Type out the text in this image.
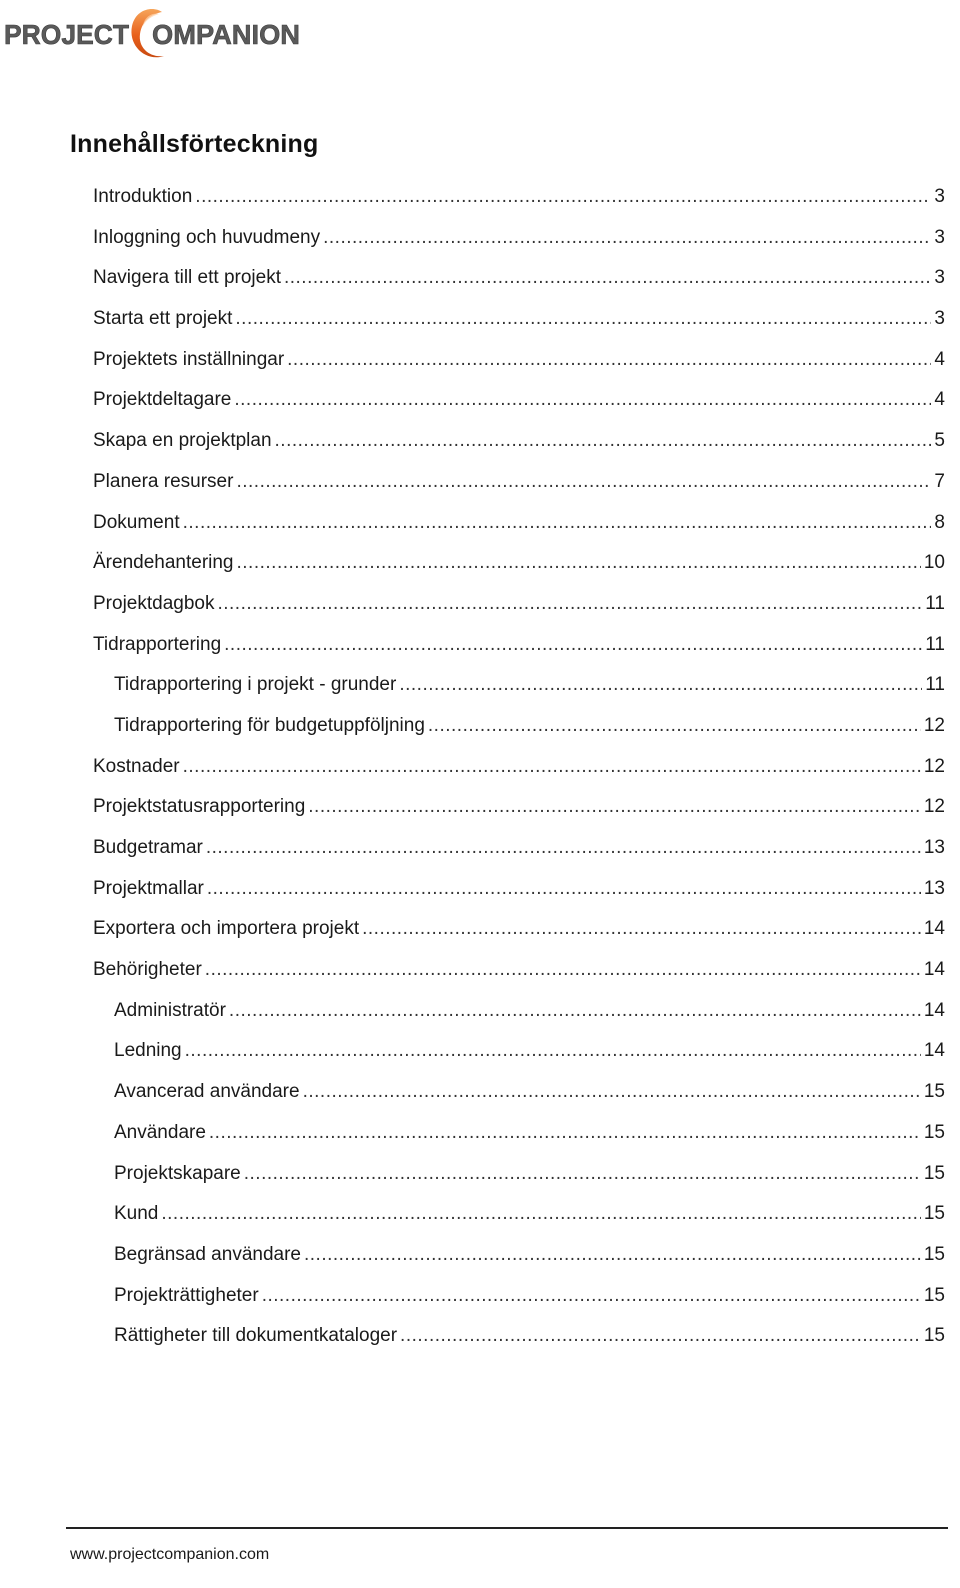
PROJECT OMPANION
Innehållsförteckning
Introduktion .....	3
Inloggning och huvudmeny .....	3
Navigera till ett projekt .....	3
Starta ett projekt .....	3
Projektets inställningar .....	4
Projektdeltagare .....	4
Skapa en projektplan .....	5
Planera resurser .....	7
Dokument .....	8
Ärendehantering .....	10
Projektdagbok .....	11
Tidrapportering .....	11
Tidrapportering i projekt - grunder .....	11
Tidrapportering för budgetuppföljning .....	12
Kostnader .....	12
Projektstatusrapportering .....	12
Budgetramar .....	13
Projektmallar .....	13
Exportera och importera projekt .....	14
Behörigheter .....	14
Administratör .....	14
Ledning .....	14
Avancerad användare .....	15
Användare .....	15
Projektskapare .....	15
Kund .....	15
Begränsad användare .....	15
Projekträttigheter .....	15
Rättigheter till dokumentkataloger .....	15
www.projectcompanion.com
